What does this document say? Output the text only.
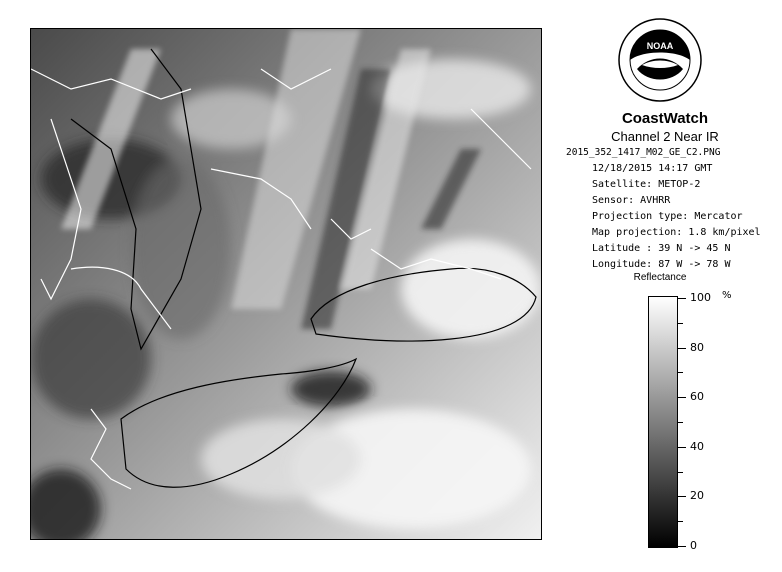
NOAA
CoastWatch
Channel 2 Near IR
2015_352_1417_M02_GE_C2.PNG
12/18/2015 14:17 GMT
Satellite: METOP-2
Sensor: AVHRR
Projection type: Mercator
Map projection: 1.8 km/pixel
Latitude : 39 N -> 45 N
Longitude: 87 W -> 78 W
Reflectance
%
100
80
60
40
20
0
